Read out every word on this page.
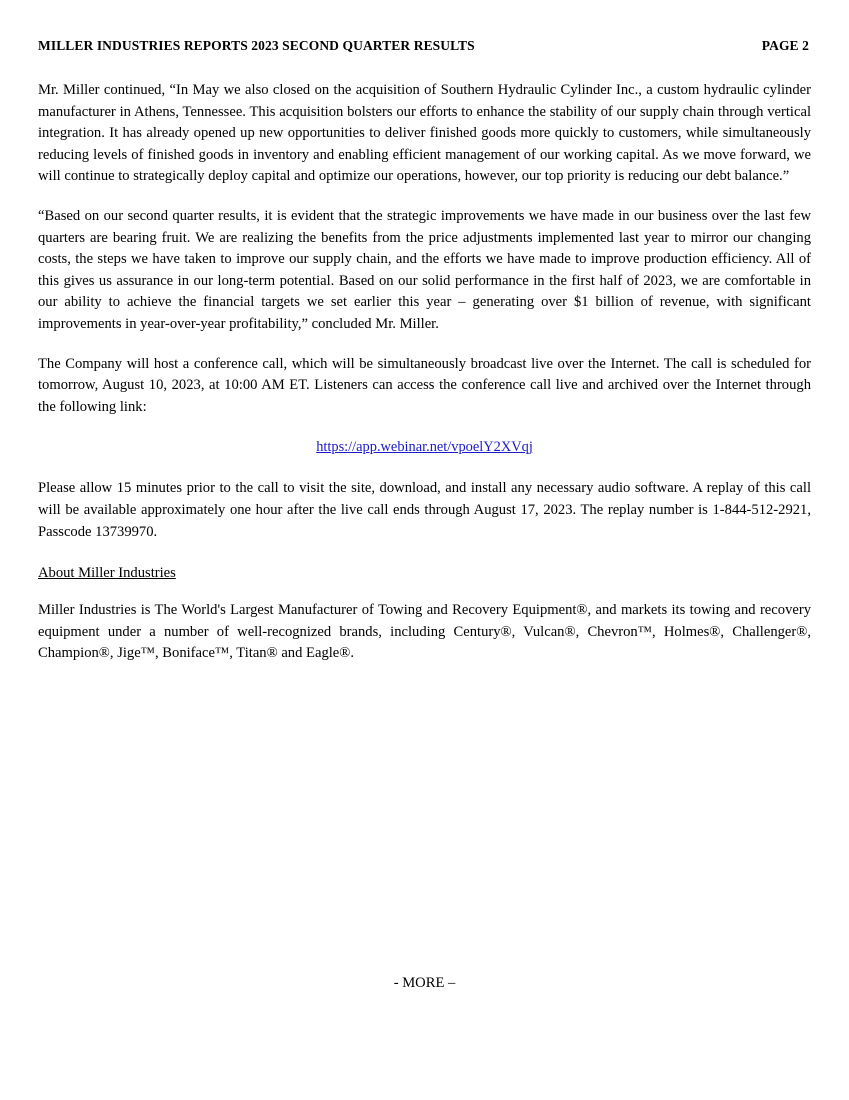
MILLER INDUSTRIES REPORTS 2023 SECOND QUARTER RESULTS	PAGE 2

Mr. Miller continued, “In May we also closed on the acquisition of Southern Hydraulic Cylinder Inc., a custom hydraulic cylinder manufacturer in Athens, Tennessee. This acquisition bolsters our efforts to enhance the stability of our supply chain through vertical integration. It has already opened up new opportunities to deliver finished goods more quickly to customers, while simultaneously reducing levels of finished goods in inventory and enabling efficient management of our working capital. As we move forward, we will continue to strategically deploy capital and optimize our operations, however, our top priority is reducing our debt balance.”

“Based on our second quarter results, it is evident that the strategic improvements we have made in our business over the last few quarters are bearing fruit. We are realizing the benefits from the price adjustments implemented last year to mirror our changing costs, the steps we have taken to improve our supply chain, and the efforts we have made to improve production efficiency. All of this gives us assurance in our long-term potential. Based on our solid performance in the first half of 2023, we are comfortable in our ability to achieve the financial targets we set earlier this year – generating over $1 billion of revenue, with significant improvements in year-over-year profitability,” concluded Mr. Miller.

The Company will host a conference call, which will be simultaneously broadcast live over the Internet. The call is scheduled for tomorrow, August 10, 2023, at 10:00 AM ET. Listeners can access the conference call live and archived over the Internet through the following link:

https://app.webinar.net/vpoelY2XVqj

Please allow 15 minutes prior to the call to visit the site, download, and install any necessary audio software. A replay of this call will be available approximately one hour after the live call ends through August 17, 2023. The replay number is 1-844-512-2921, Passcode 13739970.

About Miller Industries

Miller Industries is The World's Largest Manufacturer of Towing and Recovery Equipment®, and markets its towing and recovery equipment under a number of well-recognized brands, including Century®, Vulcan®, Chevron™, Holmes®, Challenger®, Champion®, Jige™, Boniface™, Titan® and Eagle®.

- MORE –
